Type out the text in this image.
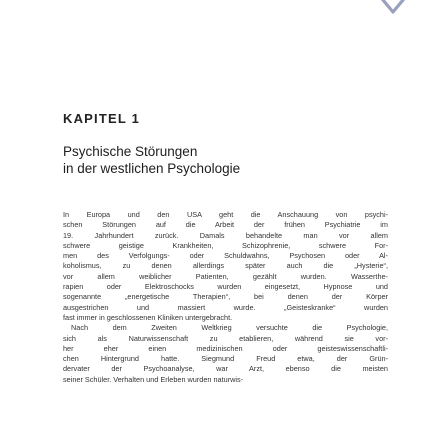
KAPITEL 1
Psychische Störungen
in der westlichen Psychologie

In Europa und den USA geht die Anschauung von psychi-
schen Störungen auf die Arbeit der frühen Psychiatrie im
19. Jahrhundert zurück. Damals behandelte man vor allem
schwere geistige Krankheiten, Schizophrenie, schwere For-
men des Verfolgungs- oder Schuldwahns, Psychosen oder Al-
koholismus, zu denen allerdings später auch die „Hysterie“,
vor allem weiblicher Patienten, gezählt wurden. Wasserthe-
rapien oder Elektroschocks wurden eingesetzt, Hypnose und
sogenannte „energetische Therapien“, bei denen der Körper
ausgestrichen und massiert wurde. „Geisteskranke“ wurden
fast immer in geschlossenen Kliniken untergebracht.

Nach dem Zweiten Weltkrieg versuchte die Psychologie,
sich als Naturwissenschaft zu etablieren, während sie vor-
her eher einen medizinischen oder geisteswissenschaftli-
chen Hintergrund hatte. Siegmund Freud etwa, der Grün-
dervater der Psychoanalyse, war Arzt, ebenso die meisten
seiner Schüler. Verhalten und Erleben wurden naturwis-
